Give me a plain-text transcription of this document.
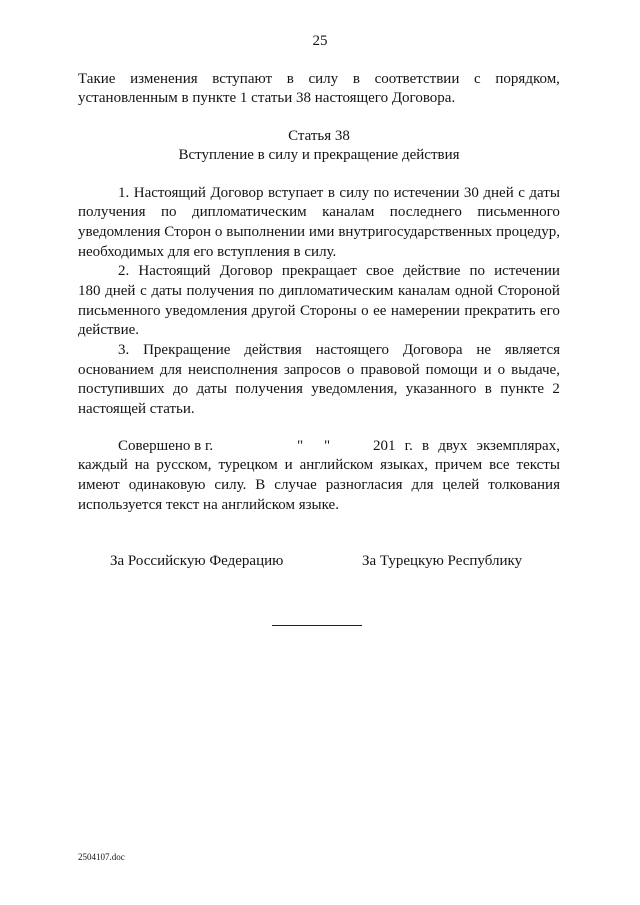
25
Такие изменения вступают в силу в соответствии с порядком,
установленным в пункте 1 статьи 38 настоящего Договора.
Статья 38
Вступление в силу и прекращение действия
1. Настоящий Договор вступает в силу по истечении 30 дней с даты
получения по дипломатическим каналам последнего письменного
уведомления Сторон о выполнении ими внутригосударственных процедур,
необходимых для его вступления в силу.
2. Настоящий Договор прекращает свое действие по истечении
180 дней с даты получения по дипломатическим каналам одной Стороной
письменного уведомления другой Стороны о ее намерении прекратить его
действие.
3. Прекращение действия настоящего Договора не является
основанием для неисполнения запросов о правовой помощи и о выдаче,
поступивших до даты получения уведомления, указанного в пункте 2
настоящей статьи.
Совершено в г.	" "	201 г. в двух экземплярах,
каждый на русском, турецком и английском языках, причем все тексты
имеют одинаковую силу. В случае разногласия для целей толкования
используется текст на английском языке.
За Российскую Федерацию	За Турецкую Республику
2504107.doc
